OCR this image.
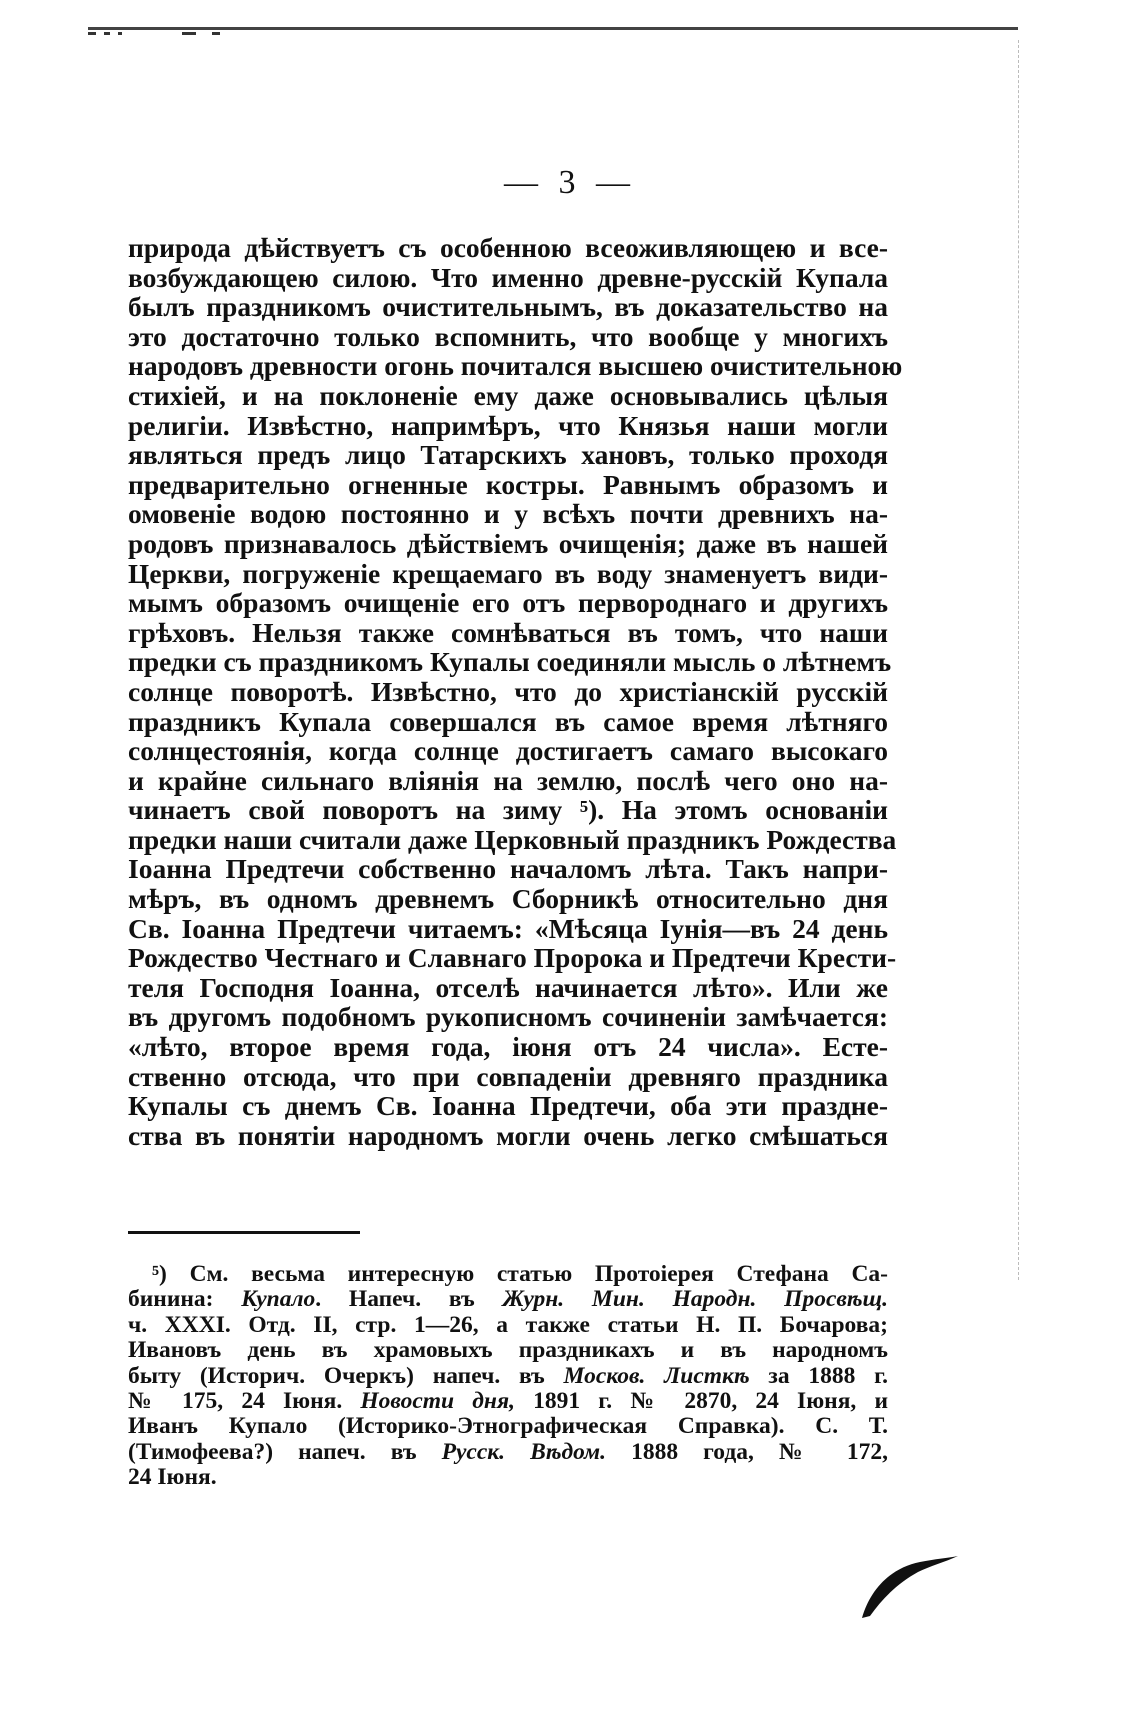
— 3 —
природа дѣйствуетъ съ особенною всеоживляющею и все-
возбуждающею силою. Что именно древне-русскій Купала
былъ праздникомъ очистительнымъ, въ доказательство на
это достаточно только вспомнить, что вообще у многихъ
народовъ древности огонь почитался высшею очистительною
стихіей, и на поклоненіе ему даже основывались цѣлыя
религіи. Извѣстно, напримѣръ, что Князья наши могли
являться предъ лицо Татарскихъ хановъ, только проходя
предварительно огненные костры. Равнымъ образомъ и
омовеніе водою постоянно и у всѣхъ почти древнихъ на-
родовъ признавалось дѣйствіемъ очищенія; даже въ нашей
Церкви, погруженіе крещаемаго въ воду знаменуетъ види-
мымъ образомъ очищеніе его отъ первороднаго и другихъ
грѣховъ. Нельзя также сомнѣваться въ томъ, что наши
предки съ праздникомъ Купалы соединяли мысль о лѣтнемъ
солнце поворотѣ. Извѣстно, что до христіанскій русскій
праздникъ Купала совершался въ самое время лѣтняго
солнцестоянія, когда солнце достигаетъ самаго высокаго
и крайне сильнаго вліянія на землю, послѣ чего оно на-
чинаетъ свой поворотъ на зиму ⁵). На этомъ основаніи
предки наши считали даже Церковный праздникъ Рождества
Іоанна Предтечи собственно началомъ лѣта. Такъ напри-
мѣръ, въ одномъ древнемъ Сборникѣ относительно дня
Св. Іоанна Предтечи читаемъ: «Мѣсяца Іунія—въ 24 день
Рождество Честнаго и Славнаго Пророка и Предтечи Крести-
теля Господня Іоанна, отселѣ начинается лѣто». Или же
въ другомъ подобномъ рукописномъ сочиненіи замѣчается:
«лѣто, второе время года, іюня отъ 24 числа». Есте-
ственно отсюда, что при совпаденіи древняго праздника
Купалы съ днемъ Св. Іоанна Предтечи, оба эти праздне-
ства въ понятіи народномъ могли очень легко смѣшаться
⁵) См. весьма интересную статью Протоіерея Стефана Са-
бинина: Купало. Напеч. въ Журн. Мин. Народн. Просвѣщ.
ч. XXXI. Отд. II, стр. 1—26, а также статьи Н. П. Бочарова;
Ивановъ день въ храмовыхъ праздникахъ и въ народномъ
быту (Историч. Очеркъ) напеч. въ Москов. Листкѣ за 1888 г.
№ 175, 24 Іюня. Новости дня, 1891 г. № 2870, 24 Іюня, и
Иванъ Купало (Историко-Этнографическая Справка). С. Т.
(Тимофеева?) напеч. въ Русск. Вѣдом. 1888 года, № 172,
24 Іюня.
